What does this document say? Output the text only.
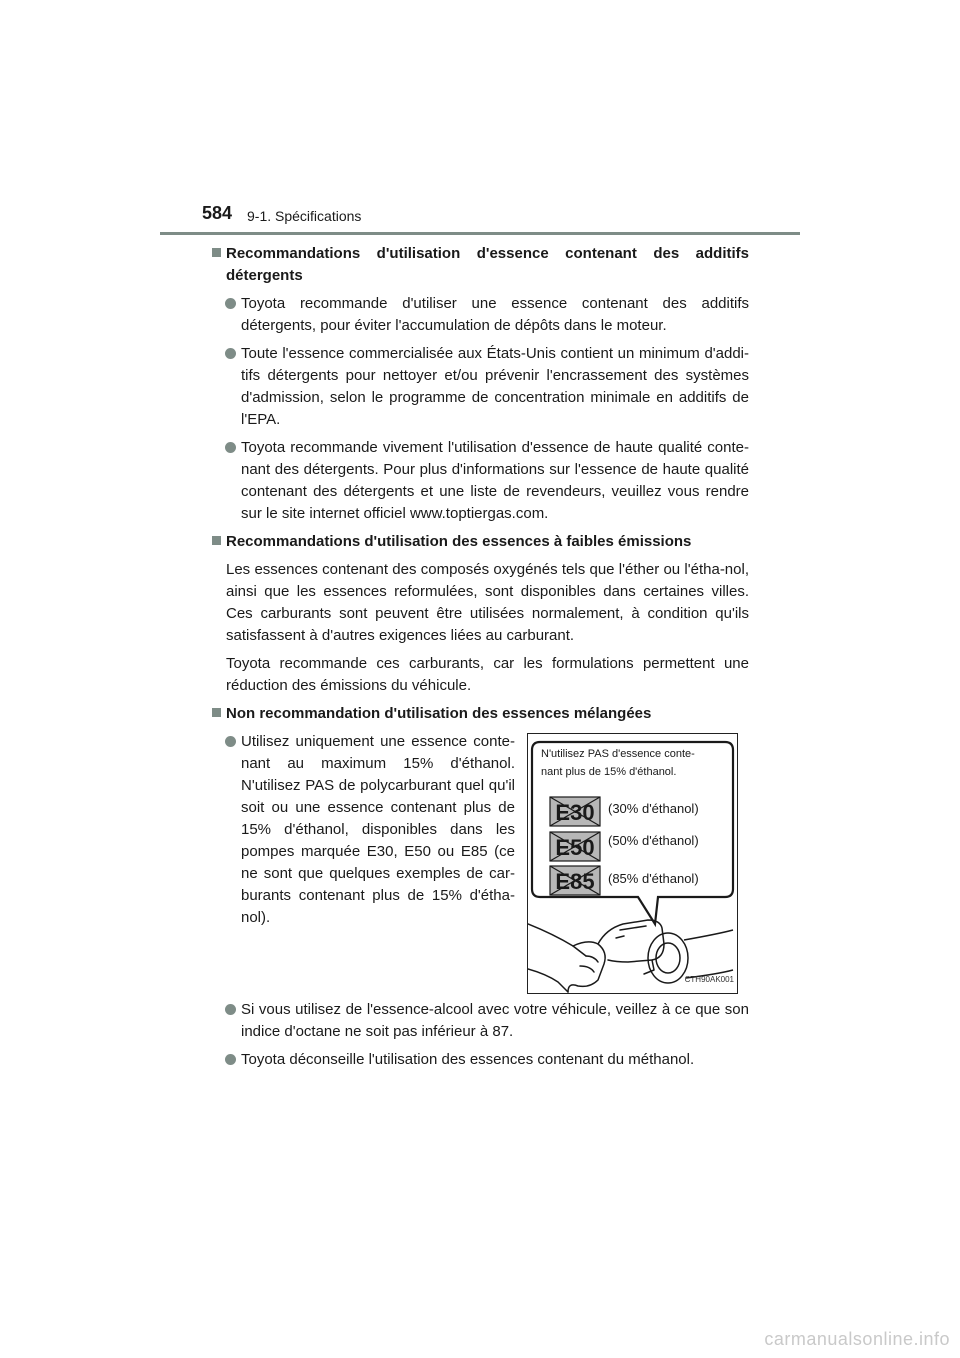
584 9-1. Spécifications
Recommandations d'utilisation d'essence contenant des additifs détergents
Toyota recommande d'utiliser une essence contenant des additifs détergents, pour éviter l'accumulation de dépôts dans le moteur.
Toute l'essence commercialisée aux États-Unis contient un minimum d'addi-tifs détergents pour nettoyer et/ou prévenir l'encrassement des systèmes d'admission, selon le programme de concentration minimale en additifs de l'EPA.
Toyota recommande vivement l'utilisation d'essence de haute qualité conte-nant des détergents. Pour plus d'informations sur l'essence de haute qualité contenant des détergents et une liste de revendeurs, veuillez vous rendre sur le site internet officiel www.toptiergas.com.
Recommandations d'utilisation des essences à faibles émissions

Les essences contenant des composés oxygénés tels que l'éther ou l'étha-nol, ainsi que les essences reformulées, sont disponibles dans certaines villes. Ces carburants sont peuvent être utilisées normalement, à condition qu'ils satisfassent à d'autres exigences liées au carburant.

Toyota recommande ces carburants, car les formulations permettent une réduction des émissions du véhicule.

Non recommandation d'utilisation des essences mélangées
Utilisez uniquement une essence conte-nant au maximum 15% d'éthanol. N'utilisez PAS de polycarburant quel qu'il soit ou une essence contenant plus de 15% d'éthanol, disponibles dans les pompes marquée E30, E50 ou E85 (ce ne sont que quelques exemples de car-burants contenant plus de 15% d'étha-nol).
N'utilisez PAS d'essence conte-
nant plus de 15% d'éthanol.
E30 (30% d'éthanol)
E50 (50% d'éthanol)
E85 (85% d'éthanol)
CTH90AK001
Si vous utilisez de l'essence-alcool avec votre véhicule, veillez à ce que son indice d'octane ne soit pas inférieur à 87.
Toyota déconseille l'utilisation des essences contenant du méthanol.
carmanualsonline.info
